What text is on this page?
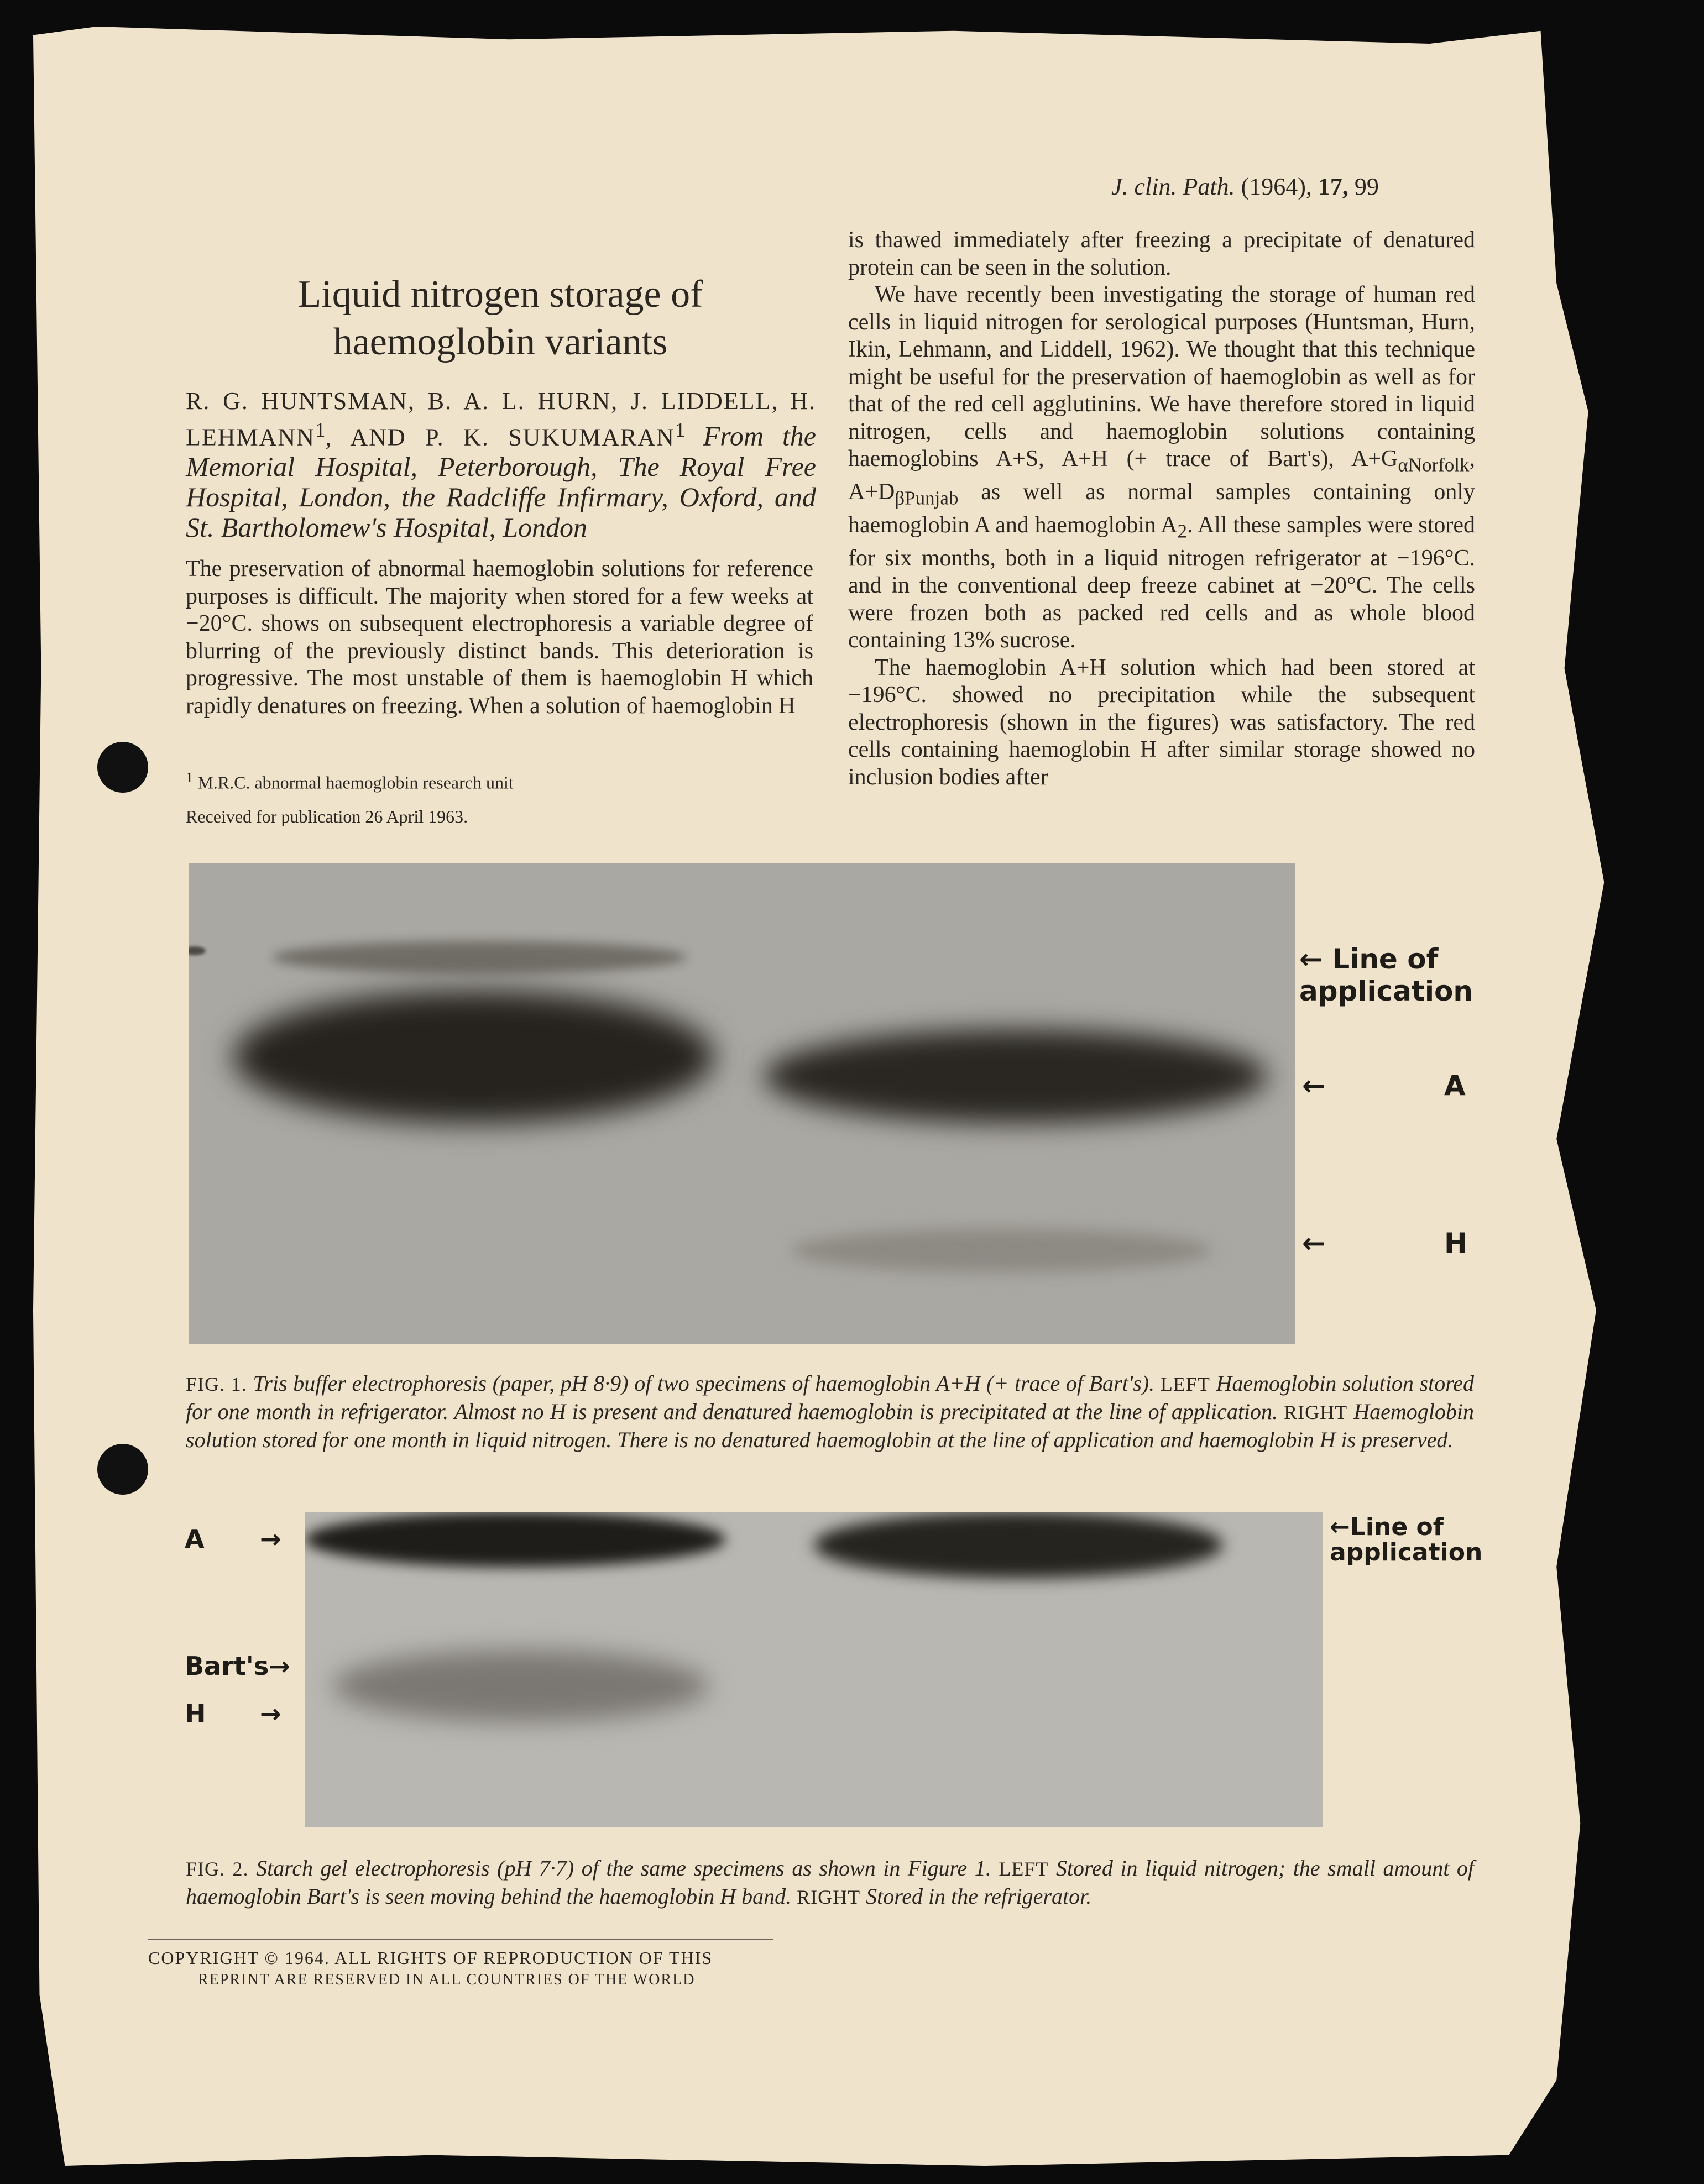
J. clin. Path. (1964), 17, 99
Liquid nitrogen storage of
haemoglobin variants
R. G. HUNTSMAN, B. A. L. HURN, J. LIDDELL, H. LEHMANN$^1$, AND P. K. SUKUMARAN$^1$ From the Memorial Hospital, Peterborough, The Royal Free Hospital, London, the Radcliffe Infirmary, Oxford, and St. Bartholomew's Hospital, London

The preservation of abnormal haemoglobin solutions for reference purposes is difficult. The majority when stored for a few weeks at −20°C. shows on subsequent electrophoresis a variable degree of blurring of the previously distinct bands. This deterioration is progressive. The most unstable of them is haemoglobin H which rapidly denatures on freezing. When a solution of haemoglobin H

$^1$ M.R.C. abnormal haemoglobin research unit
Received for publication 26 April 1963.

is thawed immediately after freezing a precipitate of denatured protein can be seen in the solution.

We have recently been investigating the storage of human red cells in liquid nitrogen for serological purposes (Huntsman, Hurn, Ikin, Lehmann, and Liddell, 1962). We thought that this technique might be useful for the preservation of haemoglobin as well as for that of the red cell agglutinins. We have therefore stored in liquid nitrogen, cells and haemoglobin solutions containing haemoglobins A+S, A+H (+ trace of Bart's), $A+G_{\alpha Norfolk}$, $A+D_{\beta Punjab}$ as well as normal samples containing only haemoglobin A and haemoglobin $A_2$. All these samples were stored for six months, both in a liquid nitrogen refrigerator at −196°C. and in the conventional deep freeze cabinet at −20°C. The cells were frozen both as packed red cells and as whole blood containing 13% sucrose.

The haemoglobin A+H solution which had been stored at −196°C. showed no precipitation while the subsequent electrophoresis (shown in the figures) was satisfactory. The red cells containing haemoglobin H after similar storage showed no inclusion bodies after

← Line of
application
←	A
←	H
FIG. 1. Tris buffer electrophoresis (paper, pH 8·9) of two specimens of haemoglobin A+H (+ trace of Bart's). LEFT Haemoglobin solution stored for one month in refrigerator. Almost no H is present and denatured haemoglobin is precipitated at the line of application. RIGHT Haemoglobin solution stored for one month in liquid nitrogen. There is no denatured haemoglobin at the line of application and haemoglobin H is preserved.
A →
Bart's→
H →
←Line of
application
FIG. 2. Starch gel electrophoresis (pH 7·7) of the same specimens as shown in Figure 1. LEFT Stored in liquid nitrogen; the small amount of haemoglobin Bart's is seen moving behind the haemoglobin H band. RIGHT Stored in the refrigerator.
COPYRIGHT © 1964. ALL RIGHTS OF REPRODUCTION OF THIS
REPRINT ARE RESERVED IN ALL COUNTRIES OF THE WORLD
